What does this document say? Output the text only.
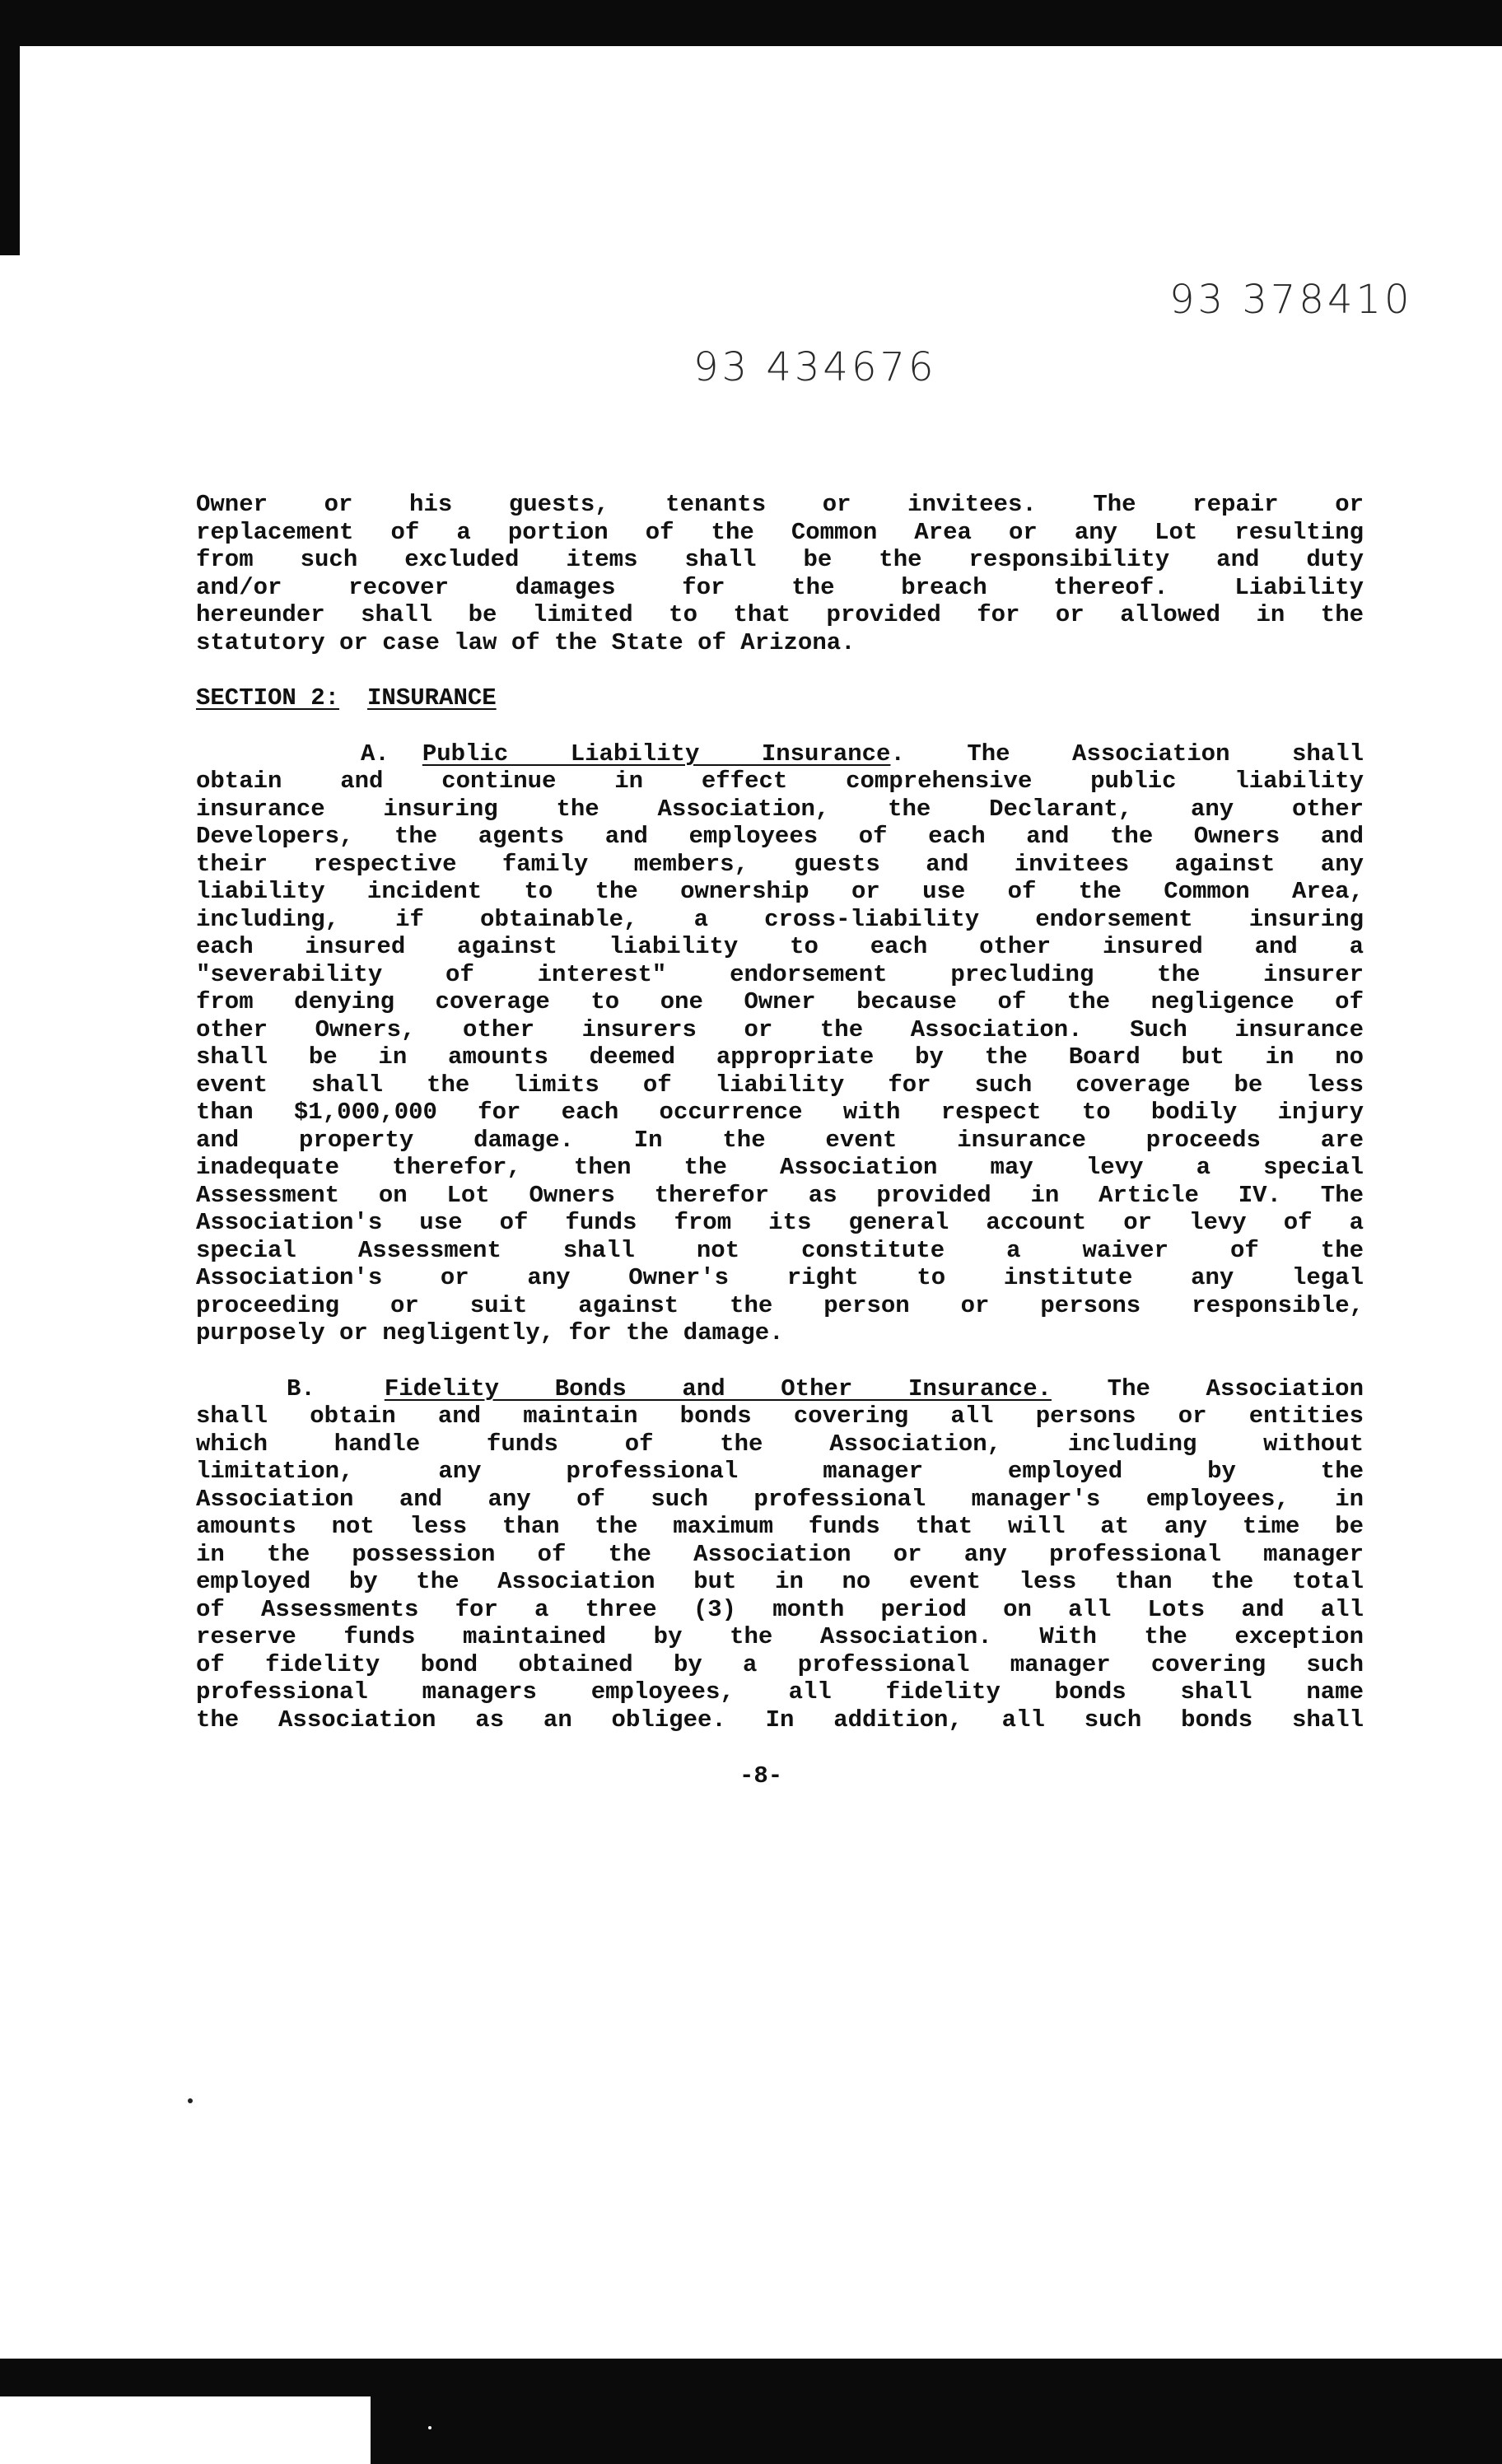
93 378410
93 434676
Owner or his guests, tenants or invitees. The repair or
replacement of a portion of the Common Area or any Lot resulting
from such excluded items shall be the responsibility and duty
and/or recover damages for the breach thereof. Liability
hereunder shall be limited to that provided for or allowed in the
statutory or case law of the State of Arizona.
SECTION 2: INSURANCE
A. Public Liability Insurance. The Association shall
obtain and continue in effect comprehensive public liability
insurance insuring the Association, the Declarant, any other
Developers, the agents and employees of each and the Owners and
their respective family members, guests and invitees against any
liability incident to the ownership or use of the Common Area,
including, if obtainable, a cross-liability endorsement insuring
each insured against liability to each other insured and a
"severability of interest" endorsement precluding the insurer
from denying coverage to one Owner because of the negligence of
other Owners, other insurers or the Association. Such insurance
shall be in amounts deemed appropriate by the Board but in no
event shall the limits of liability for such coverage be less
than $1,000,000 for each occurrence with respect to bodily injury
and property damage. In the event insurance proceeds are
inadequate therefor, then the Association may levy a special
Assessment on Lot Owners therefor as provided in Article IV. The
Association's use of funds from its general account or levy of a
special Assessment shall not constitute a waiver of the
Association's or any Owner's right to institute any legal
proceeding or suit against the person or persons responsible,
purposely or negligently, for the damage.
B.	Fidelity Bonds and Other Insurance. The Association
shall obtain and maintain bonds covering all persons or entities
which handle funds of the Association, including without
limitation, any professional manager employed by the
Association and any of such professional manager's employees, in
amounts not less than the maximum funds that will at any time be
in the possession of the Association or any professional manager
employed by the Association but in no event less than the total
of Assessments for a three (3) month period on all Lots and all
reserve funds maintained by the Association. With the exception
of fidelity bond obtained by a professional manager covering such
professional managers employees, all fidelity bonds shall name
the Association as an obligee. In addition, all such bonds shall
-8-
